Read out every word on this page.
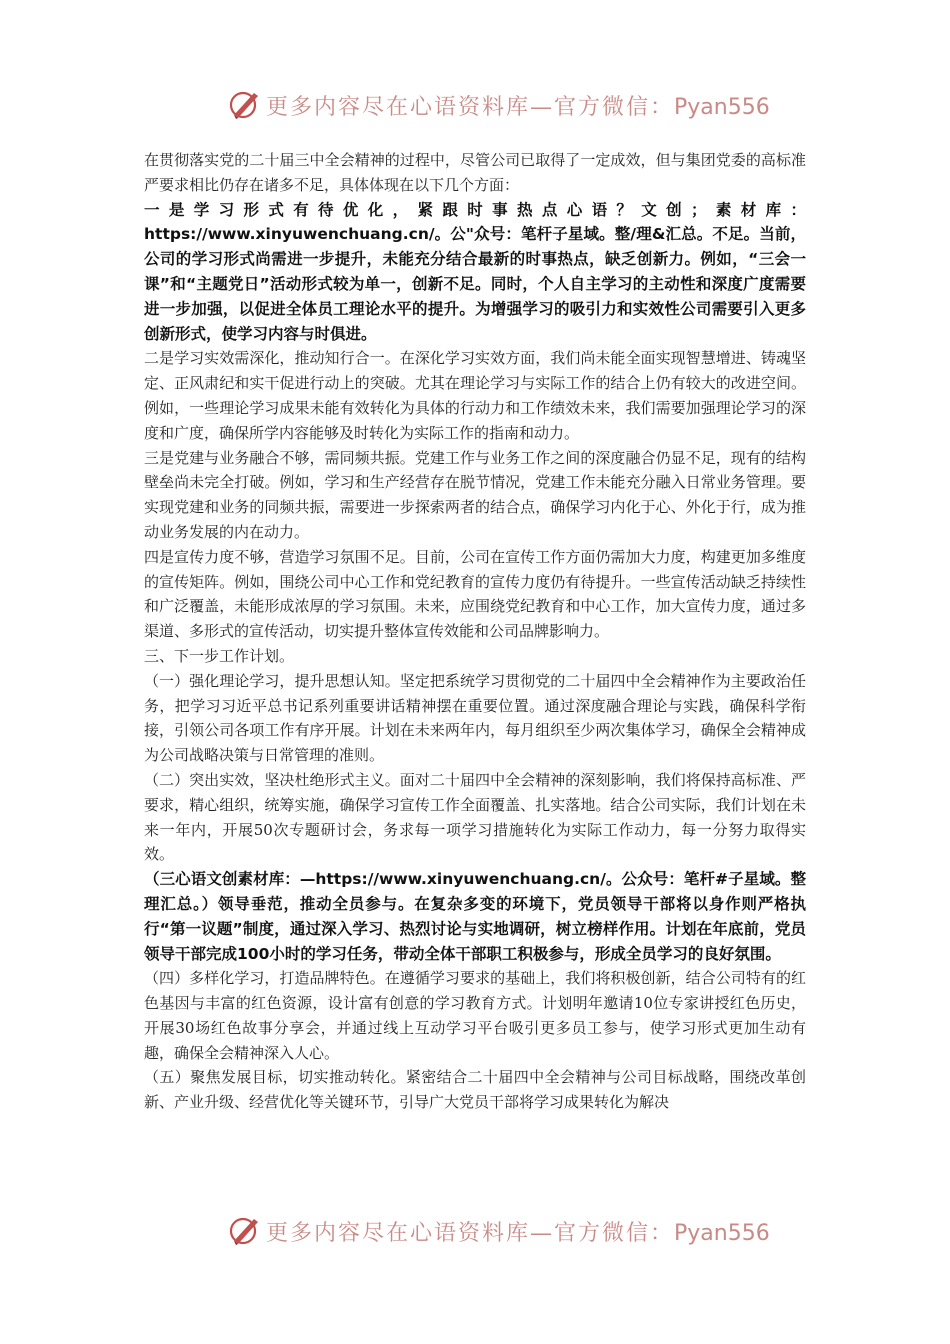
更多内容尽在心语资料库—官方微信：Pyan556

在贯彻落实党的二十届三中全会精神的过程中，尽管公司已取得了一定成效，但与集团党委的高标准严要求相比仍存在诸多不足，具体体现在以下几个方面：

一是学习形式有待优化，紧跟时事热点心语？文创；素材库：https://www.xinyuwenchuang.cn/。公"众号：笔杆子星域。整/理&汇总。不足。当前，公司的学习形式尚需进一步提升，未能充分结合最新的时事热点，缺乏创新力。例如，“三会一课”和“主题党日”活动形式较为单一，创新不足。同时，个人自主学习的主动性和深度广度需要进一步加强，以促进全体员工理论水平的提升。为增强学习的吸引力和实效性公司需要引入更多创新形式，使学习内容与时俱进。

二是学习实效需深化，推动知行合一。在深化学习实效方面，我们尚未能全面实现智慧增进、铸魂坚定、正风肃纪和实干促进行动上的突破。尤其在理论学习与实际工作的结合上仍有较大的改进空间。例如，一些理论学习成果未能有效转化为具体的行动力和工作绩效未来，我们需要加强理论学习的深度和广度，确保所学内容能够及时转化为实际工作的指南和动力。

三是党建与业务融合不够，需同频共振。党建工作与业务工作之间的深度融合仍显不足，现有的结构壁垒尚未完全打破。例如，学习和生产经营存在脱节情况，党建工作未能充分融入日常业务管理。要实现党建和业务的同频共振，需要进一步探索两者的结合点，确保学习内化于心、外化于行，成为推动业务发展的内在动力。

四是宣传力度不够，营造学习氛围不足。目前，公司在宣传工作方面仍需加大力度，构建更加多维度的宣传矩阵。例如，围绕公司中心工作和党纪教育的宣传力度仍有待提升。一些宣传活动缺乏持续性和广泛覆盖，未能形成浓厚的学习氛围。未来，应围绕党纪教育和中心工作，加大宣传力度，通过多渠道、多形式的宣传活动，切实提升整体宣传效能和公司品牌影响力。

三、下一步工作计划。

（一）强化理论学习，提升思想认知。坚定把系统学习贯彻党的二十届四中全会精神作为主要政治任务，把学习习近平总书记系列重要讲话精神摆在重要位置。通过深度融合理论与实践，确保科学衔接，引领公司各项工作有序开展。计划在未来两年内，每月组织至少两次集体学习，确保全会精神成为公司战略决策与日常管理的准则。

（二）突出实效，坚决杜绝形式主义。面对二十届四中全会精神的深刻影响，我们将保持高标准、严要求，精心组织，统筹实施，确保学习宣传工作全面覆盖、扎实落地。结合公司实际，我们计划在未来一年内，开展50次专题研讨会，务求每一项学习措施转化为实际工作动力，每一分努力取得实效。

（三心语文创素材库：—https://www.xinyuwenchuang.cn/。公众号：笔杆#子星域。整理汇总。）领导垂范，推动全员参与。在复杂多变的环境下，党员领导干部将以身作则严格执行“第一议题”制度，通过深入学习、热烈讨论与实地调研，树立榜样作用。计划在年底前，党员领导干部完成100小时的学习任务，带动全体干部职工积极参与，形成全员学习的良好氛围。

（四）多样化学习，打造品牌特色。在遵循学习要求的基础上，我们将积极创新，结合公司特有的红色基因与丰富的红色资源，设计富有创意的学习教育方式。计划明年邀请10位专家讲授红色历史，开展30场红色故事分享会，并通过线上互动学习平台吸引更多员工参与，使学习形式更加生动有趣，确保全会精神深入人心。

（五）聚焦发展目标，切实推动转化。紧密结合二十届四中全会精神与公司目标战略，围绕改革创新、产业升级、经营优化等关键环节，引导广大党员干部将学习成果转化为解决

更多内容尽在心语资料库—官方微信：Pyan556
